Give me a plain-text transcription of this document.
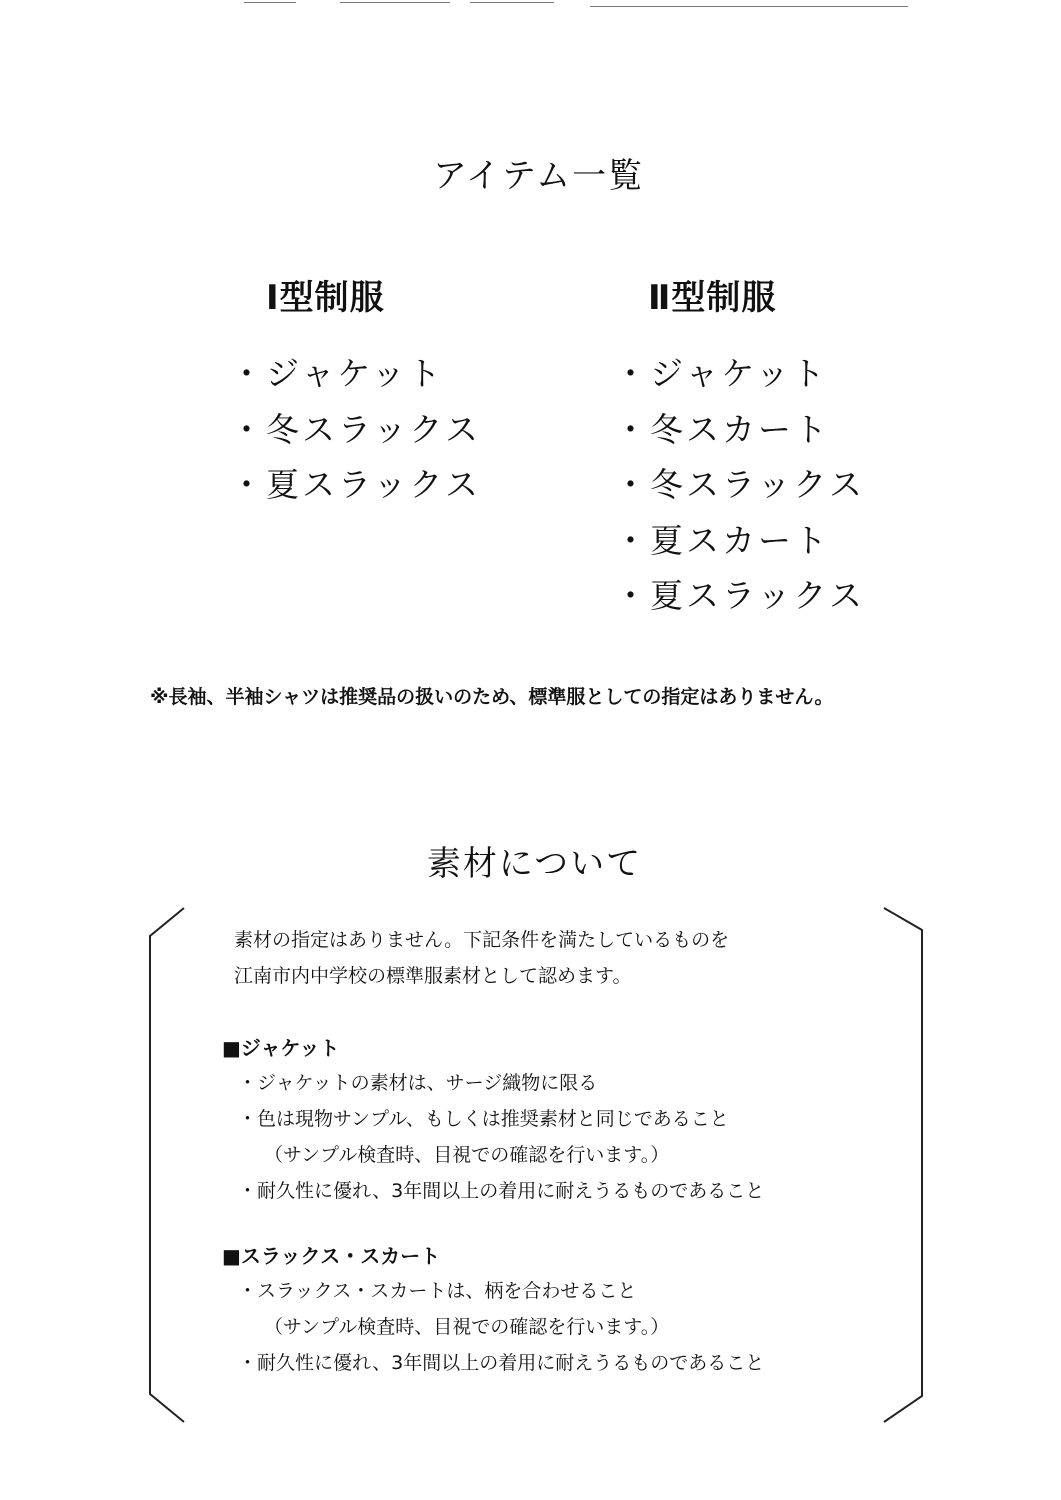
アイテム一覧
Ⅰ型制服	Ⅱ型制服
・ジャケット
・冬スラックス
・夏スラックス
・ジャケット
・冬スカート
・冬スラックス
・夏スカート
・夏スラックス
※長袖、半袖シャツは推奨品の扱いのため、標準服としての指定はありません。
素材について
素材の指定はありません。下記条件を満たしているものを
江南市内中学校の標準服素材として認めます。
■ジャケット
・ジャケットの素材は、サージ織物に限る
・色は現物サンプル、もしくは推奨素材と同じであること
（サンプル検査時、目視での確認を行います。）
・耐久性に優れ、3年間以上の着用に耐えうるものであること
■スラックス・スカート
・スラックス・スカートは、柄を合わせること
（サンプル検査時、目視での確認を行います。）
・耐久性に優れ、3年間以上の着用に耐えうるものであること
